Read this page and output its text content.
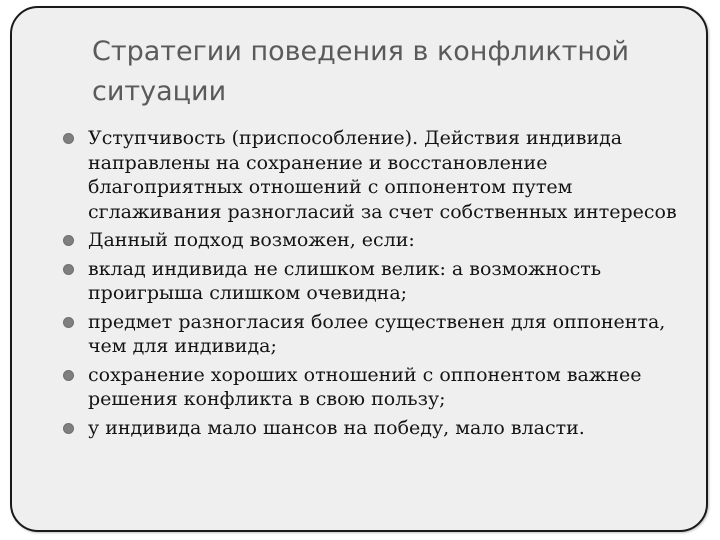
Стратегии поведения в конфликтной ситуации
Уступчивость (приспособление). Действия индивида направлены на сохранение и восстановление благоприятных отношений с оппонентом путем сглаживания разногласий за счет собственных интересов
Данный подход возможен, если:
вклад индивида не слишком велик: а возможность проигрыша слишком очевидна;
предмет разногласия более существенен для оппонента, чем для индивида;
сохранение хороших отношений с оппонентом важнее решения конфликта в свою пользу;
у индивида мало шансов на победу, мало власти.
